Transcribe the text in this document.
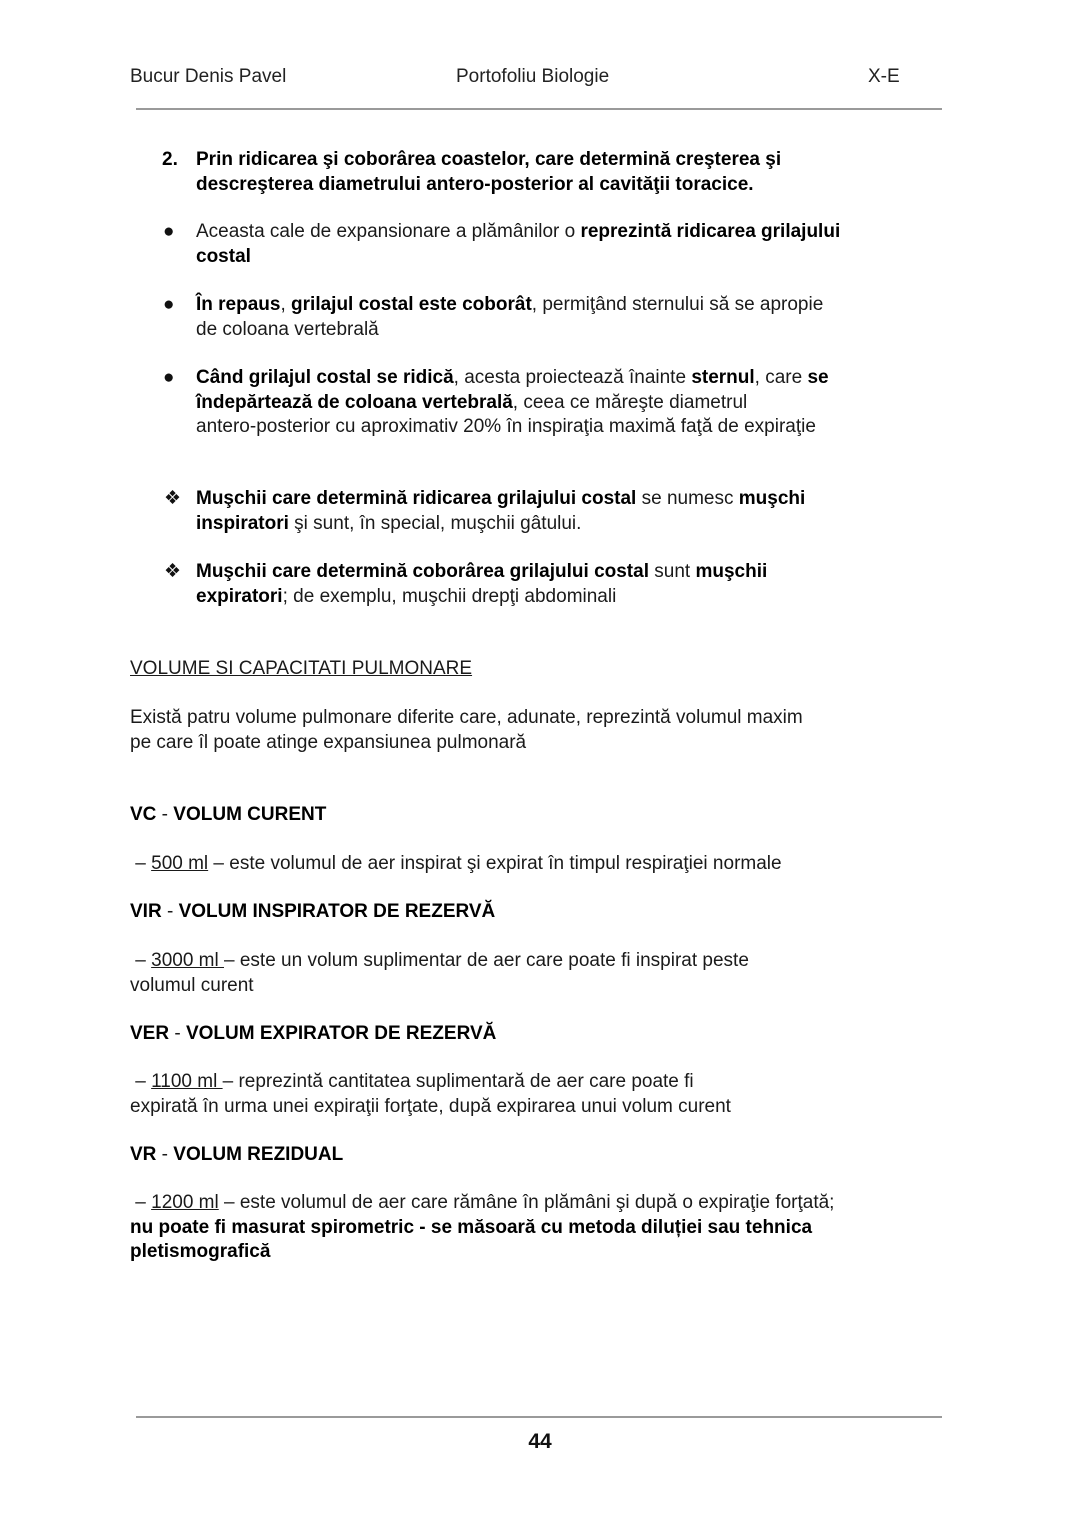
Bucur Denis Pavel	Portofoliu Biologie	X-E
2. Prin ridicarea şi coborârea coastelor, care determină creşterea şi
descreşterea diametrului antero-posterior al cavităţii toracice.
● Aceasta cale de expansionare a plămânilor o reprezintă ridicarea grilajului
costal
● În repaus, grilajul costal este coborât, permiţând sternului să se apropie
de coloana vertebrală
● Când grilajul costal se ridică, acesta proiectează înainte sternul, care se
îndepărtează de coloana vertebrală, ceea ce măreşte diametrul
antero-posterior cu aproximativ 20% în inspiraţia maximă faţă de expiraţie
❖ Muşchii care determină ridicarea grilajului costal se numesc muşchi
inspiratori şi sunt, în special, muşchii gâtului.
❖ Muşchii care determină coborârea grilajului costal sunt muşchii
expiratori; de exemplu, muşchii drepţi abdominali
VOLUME SI CAPACITATI PULMONARE
Există patru volume pulmonare diferite care, adunate, reprezintă volumul maxim
pe care îl poate atinge expansiunea pulmonară
VC - VOLUM CURENT
– 500 ml – este volumul de aer inspirat şi expirat în timpul respiraţiei normale
VIR - VOLUM INSPIRATOR DE REZERVĂ
– 3000 ml – este un volum suplimentar de aer care poate fi inspirat peste
volumul curent
VER - VOLUM EXPIRATOR DE REZERVĂ
– 1100 ml – reprezintă cantitatea suplimentară de aer care poate fi
expirată în urma unei expiraţii forţate, după expirarea unui volum curent
VR - VOLUM REZIDUAL
– 1200 ml – este volumul de aer care rămâne în plămâni şi după o expiraţie forţată;
nu poate fi masurat spirometric - se măsoară cu metoda diluției sau tehnica
pletismografică
44
